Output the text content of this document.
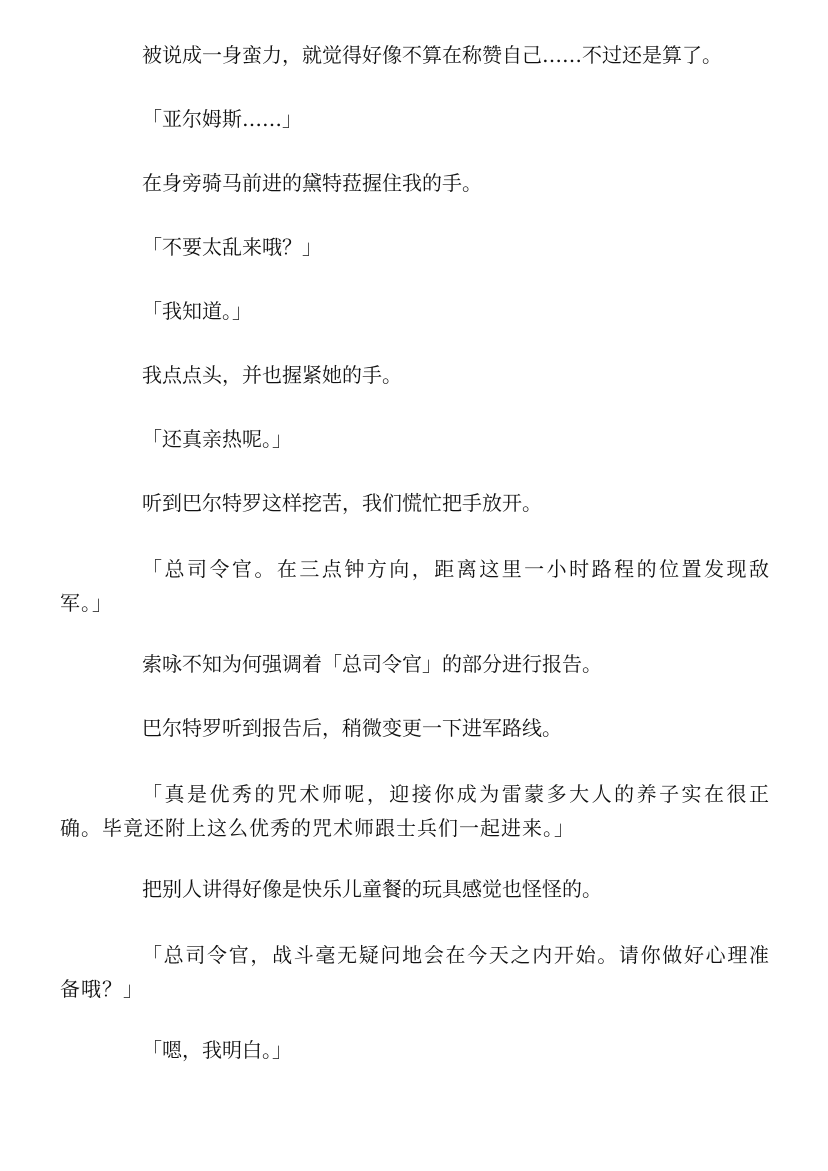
被说成一身蛮力，就觉得好像不算在称赞自己……不过还是算了。

「亚尔姆斯……」

在身旁骑马前进的黛特菈握住我的手。

「不要太乱来哦？」

「我知道。」

我点点头，并也握紧她的手。

「还真亲热呢。」

听到巴尔特罗这样挖苦，我们慌忙把手放开。

「总司令官。在三点钟方向，距离这里一小时路程的位置发现敌军。」

索咏不知为何强调着「总司令官」的部分进行报告。

巴尔特罗听到报告后，稍微变更一下进军路线。

「真是优秀的咒术师呢，迎接你成为雷蒙多大人的养子实在很正确。毕竟还附上这么优秀的咒术师跟士兵们一起进来。」

把别人讲得好像是快乐儿童餐的玩具感觉也怪怪的。

「总司令官，战斗毫无疑问地会在今天之内开始。请你做好心理准备哦？」

「嗯，我明白。」
